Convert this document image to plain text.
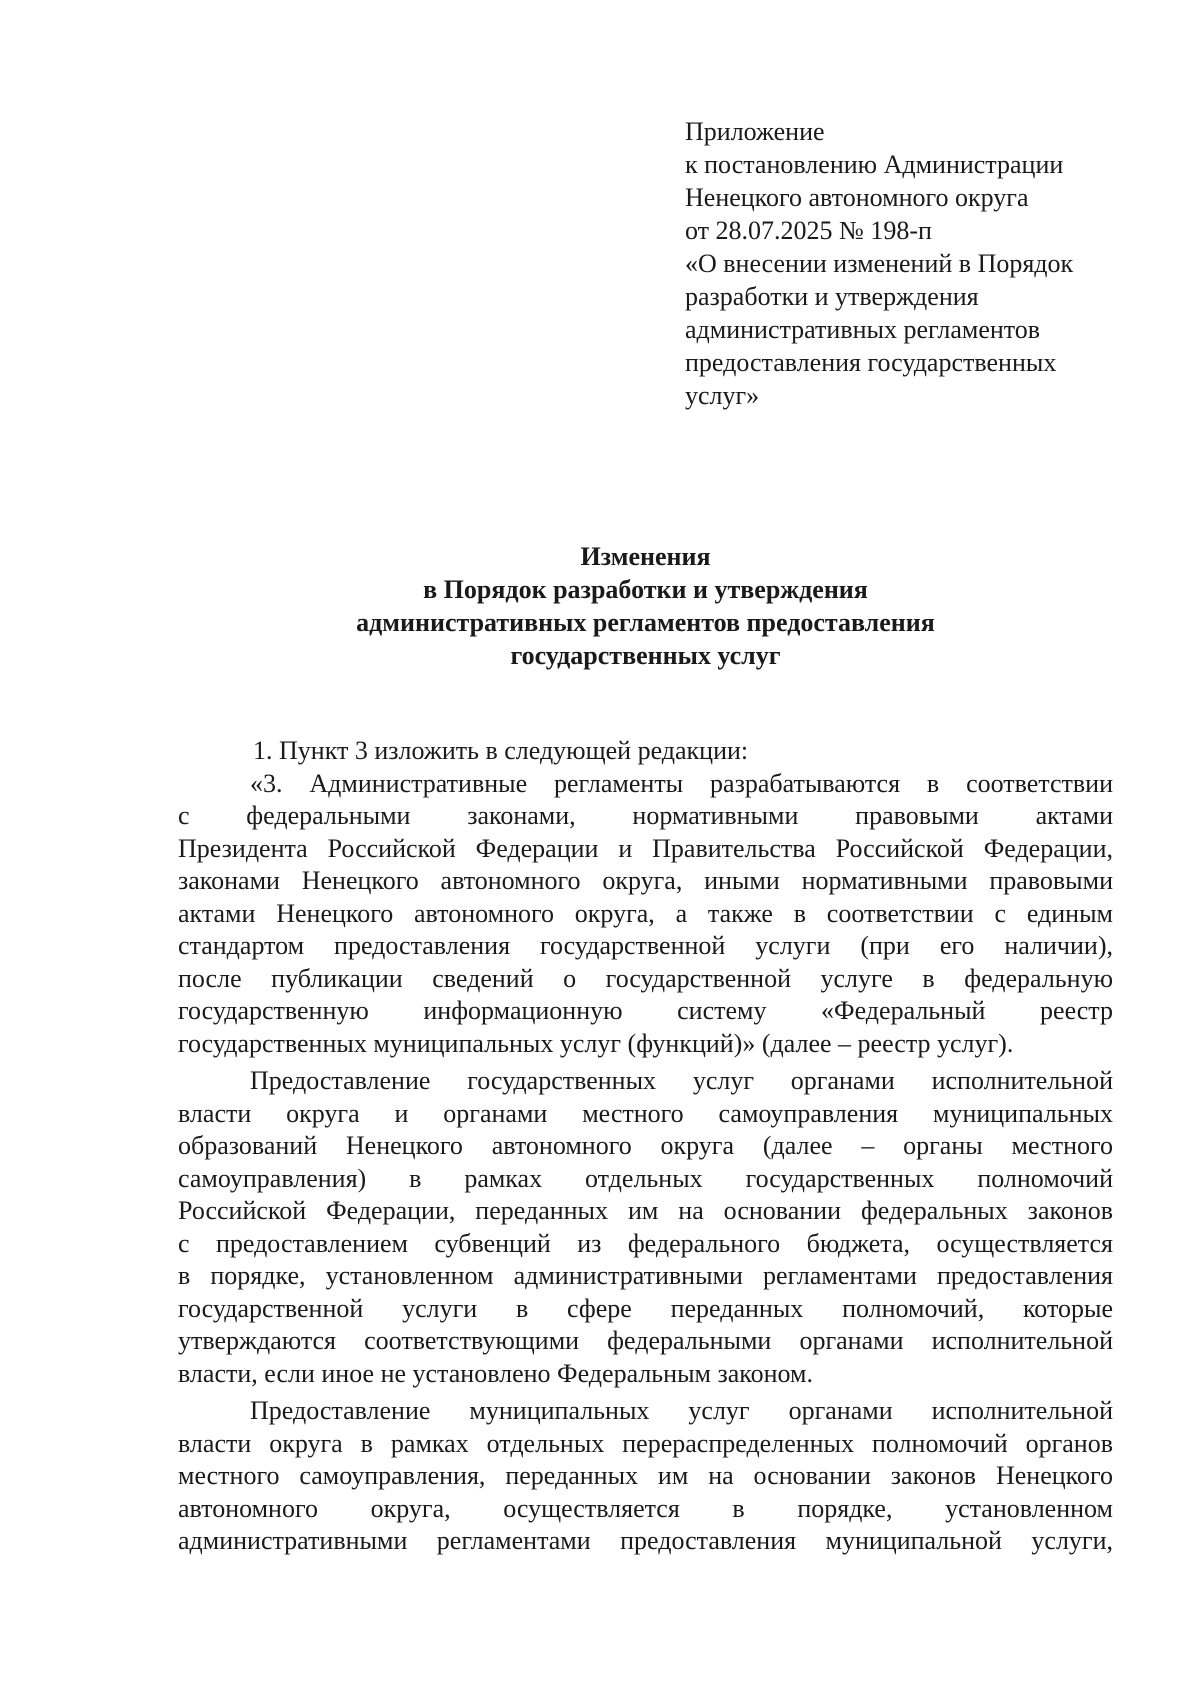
Приложение
к постановлению Администрации
Ненецкого автономного округа
от 28.07.2025 № 198-п
«О внесении изменений в Порядок
разработки и утверждения
административных регламентов
предоставления государственных
услуг»
Изменения
в Порядок разработки и утверждения
административных регламентов предоставления
государственных услуг

1. Пункт 3 изложить в следующей редакции:

«3. Административные регламенты разрабатываются в соответствии
с федеральными законами, нормативными правовыми актами
Президента Российской Федерации и Правительства Российской Федерации,
законами Ненецкого автономного округа, иными нормативными правовыми
актами Ненецкого автономного округа, а также в соответствии с единым
стандартом предоставления государственной услуги (при его наличии),
после публикации сведений о государственной услуге в федеральную
государственную информационную систему «Федеральный реестр
государственных муниципальных услуг (функций)» (далее – реестр услуг).
Предоставление государственных услуг органами исполнительной
власти округа и органами местного самоуправления муниципальных
образований Ненецкого автономного округа (далее – органы местного
самоуправления) в рамках отдельных государственных полномочий
Российской Федерации, переданных им на основании федеральных законов
с предоставлением субвенций из федерального бюджета, осуществляется
в порядке, установленном административными регламентами предоставления
государственной услуги в сфере переданных полномочий, которые
утверждаются соответствующими федеральными органами исполнительной
власти, если иное не установлено Федеральным законом.
Предоставление муниципальных услуг органами исполнительной
власти округа в рамках отдельных перераспределенных полномочий органов
местного самоуправления, переданных им на основании законов Ненецкого
автономного округа, осуществляется в порядке, установленном
административными регламентами предоставления муниципальной услуги,
